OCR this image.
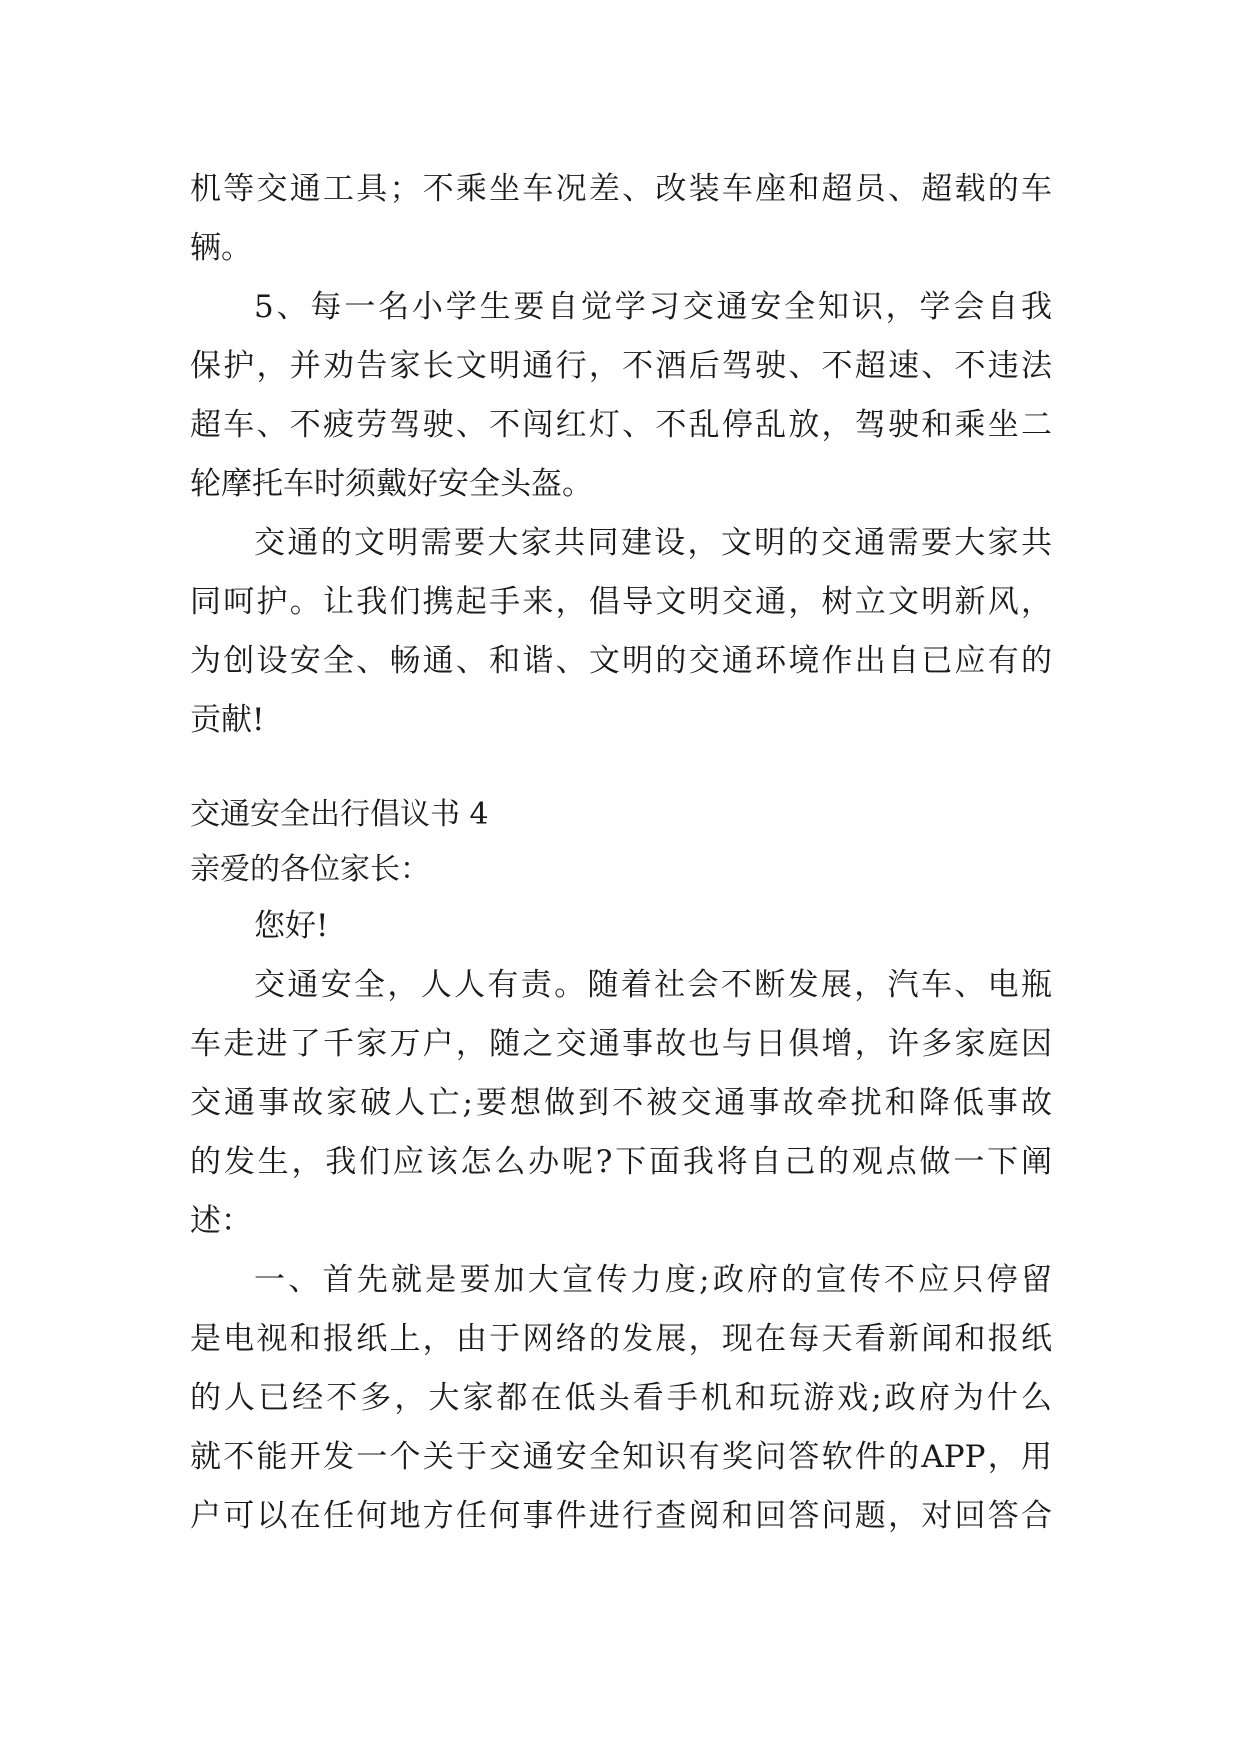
机等交通工具；不乘坐车况差、改装车座和超员、超载的车
辆。
5、每一名小学生要自觉学习交通安全知识，学会自我
保护，并劝告家长文明通行，不酒后驾驶、不超速、不违法
超车、不疲劳驾驶、不闯红灯、不乱停乱放，驾驶和乘坐二
轮摩托车时须戴好安全头盔。
交通的文明需要大家共同建设，文明的交通需要大家共
同呵护。让我们携起手来，倡导文明交通，树立文明新风，
为创设安全、畅通、和谐、文明的交通环境作出自已应有的
贡献!
交通安全出行倡议书 4
亲爱的各位家长：
您好!
交通安全，人人有责。随着社会不断发展，汽车、电瓶
车走进了千家万户，随之交通事故也与日俱增，许多家庭因
交通事故家破人亡;要想做到不被交通事故牵扰和降低事故
的发生，我们应该怎么办呢?下面我将自己的观点做一下阐
述：
一、首先就是要加大宣传力度;政府的宣传不应只停留
是电视和报纸上，由于网络的发展，现在每天看新闻和报纸
的人已经不多，大家都在低头看手机和玩游戏;政府为什么
就不能开发一个关于交通安全知识有奖问答软件的APP，用
户可以在任何地方任何事件进行查阅和回答问题，对回答合
